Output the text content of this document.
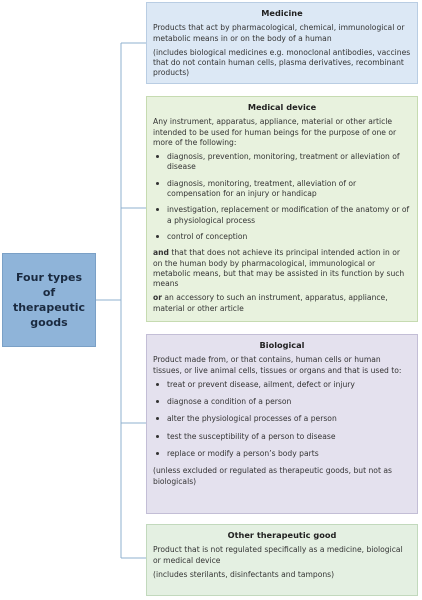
Four types of
therapeutic
goods
Medicine

Products that act by pharmacological, chemical, immunological or metabolic means in or on the body of a human

(includes biological medicines e.g. monoclonal antibodies, vaccines that do not contain human cells, plasma derivatives, recombinant products)

Medical device

Any instrument, apparatus, appliance, material or other article intended to be used for human beings for the purpose of one or more of the following:

diagnosis, prevention, monitoring, treatment or alleviation of disease
diagnosis, monitoring, treatment, alleviation of or compensation for an injury or handicap
investigation, replacement or modification of the anatomy or of a physiological process
control of conception

and that that does not achieve its principal intended action in or on the human body by pharmacological, immunological or metabolic means, but that may be assisted in its function by such means

or an accessory to such an instrument, apparatus, appliance, material or other article

Biological

Product made from, or that contains, human cells or human tissues, or live animal cells, tissues or organs and that is used to:

treat or prevent disease, ailment, defect or injury
diagnose a condition of a person
alter the physiological processes of a person
test the susceptibility of a person to disease
replace or modify a person’s body parts

(unless excluded or regulated as therapeutic goods, but not as biologicals)

Other therapeutic good

Product that is not regulated specifically as a medicine, biological or medical device

(includes sterilants, disinfectants and tampons)
